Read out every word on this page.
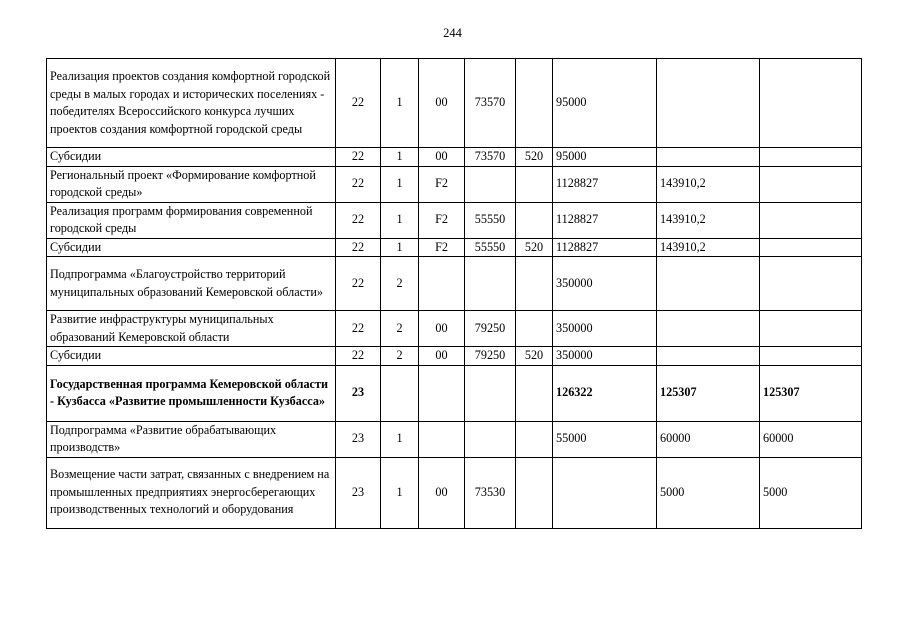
244
Реализация проектов создания комфортной городской среды в малых городах и исторических поселениях - победителях Всероссийского конкурса лучших проектов создания комфортной городской среды	22	1	00	73570		95000		
Субсидии	22	1	00	73570	520	95000		
Региональный проект «Формирование комфортной городской среды»	22	1	F2			1128827	143910,2	
Реализация программ формирования современной городской среды	22	1	F2	55550		1128827	143910,2	
Субсидии	22	1	F2	55550	520	1128827	143910,2	
Подпрограмма «Благоустройство территорий муниципальных образований Кемеровской области»	22	2				350000		
Развитие инфраструктуры муниципальных образований Кемеровской области	22	2	00	79250		350000		
Субсидии	22	2	00	79250	520	350000		
Государственная программа Кемеровской области - Кузбасса «Развитие промышленности Кузбасса»	23					126322	125307	125307
Подпрограмма «Развитие обрабатывающих производств»	23	1				55000	60000	60000
Возмещение части затрат, связанных с внедрением на промышленных предприятиях энергосберегающих производственных технологий и оборудования	23	1	00	73530			5000	5000
